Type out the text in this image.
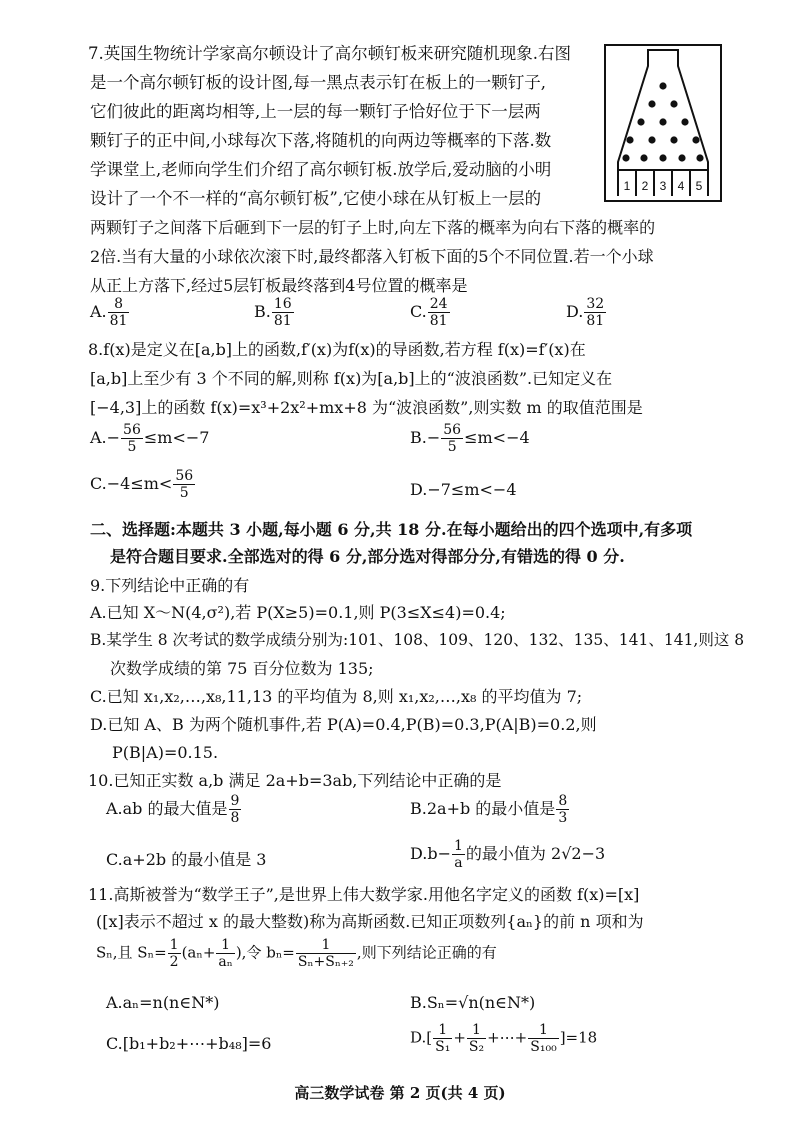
7.英国生物统计学家高尔顿设计了高尔顿钉板来研究随机现象.右图
是一个高尔顿钉板的设计图,每一黑点表示钉在板上的一颗钉子,
它们彼此的距离均相等,上一层的每一颗钉子恰好位于下一层两
颗钉子的正中间,小球每次下落,将随机的向两边等概率的下落.数
学课堂上,老师向学生们介绍了高尔顿钉板.放学后,爱动脑的小明
设计了一个不一样的“高尔顿钉板”,它使小球在从钉板上一层的
两颗钉子之间落下后砸到下一层的钉子上时,向左下落的概率为向右下落的概率的
2倍.当有大量的小球依次滚下时,最终都落入钉板下面的5个不同位置.若一个小球
从正上方落下,经过5层钉板最终落到4号位置的概率是
A. $\frac{8}{81}$	B. $\frac{16}{81}$	C. $\frac{24}{81}$	D. $\frac{32}{81}$
1 2 3 4 5
8.f(x)是定义在[a,b]上的函数,f′(x)为f(x)的导函数,若方程 f(x)=f′(x)在
[a,b]上至少有 3 个不同的解,则称 f(x)为[a,b]上的“波浪函数”.已知定义在
[−4,3]上的函数 f(x)=x³+2x²+mx+8 为“波浪函数”,则实数 m 的取值范围是
$A.- \frac{56}{5} \le m<-7$	$B.- \frac{56}{5} \le m<-4$
$C.-4\le m< \frac{56}{5}$	D.−7≤m<−4
二、选择题:本题共 3 小题,每小题 6 分,共 18 分.在每小题给出的四个选项中,有多项
是符合题目要求.全部选对的得 6 分,部分选对得部分分,有错选的得 0 分.
9.下列结论中正确的有
A.已知 X～N(4,σ²),若 P(X≥5)=0.1,则 P(3≤X≤4)=0.4;
B.某学生 8 次考试的数学成绩分别为:101、108、109、120、132、135、141、141,则这 8
次数学成绩的第 75 百分位数为 135;
C.已知 x₁,x₂,…,x₈,11,13 的平均值为 8,则 x₁,x₂,…,x₈ 的平均值为 7;
D.已知 A、B 为两个随机事件,若 P(A)=0.4,P(B)=0.3,P(A|B)=0.2,则
P(B|A)=0.15.
10.已知正实数 a,b 满足 2a+b=3ab,下列结论中正确的是
A.ab 的最大值是 $\frac{9}{8}$	B.2a+b 的最小值是 $\frac{8}{3}$
C.a+2b 的最小值是 3	$D.b- \frac{1}{a}$ 的最小值为 2√2−3
11.高斯被誉为“数学王子”,是世界上伟大数学家.用他名字定义的函数 f(x)=[x]
([x]表示不超过 x 的最大整数)称为高斯函数.已知正项数列{aₙ}的前 n 项和为
Sₙ,且 $S_n= \frac{1}{2} (a_n+ \frac{1}{\text{aₙ}}$ ),令 $b_n= \frac{1}{\text{Sₙ+Sₙ₊₂}}$ ,则下列结论正确的有
A.aₙ=n(n∈N*)	B.Sₙ=√n(n∈N*)
C.[b₁+b₂+⋯+b₄₈]=6	$D.[ \frac{1}{\text{S₁}} + \frac{1}{\text{S₂}}$ +⋯+ $\frac{1}{\text{S₁₀₀}} ]=18$
高三数学试卷 第 2 页(共 4 页)
